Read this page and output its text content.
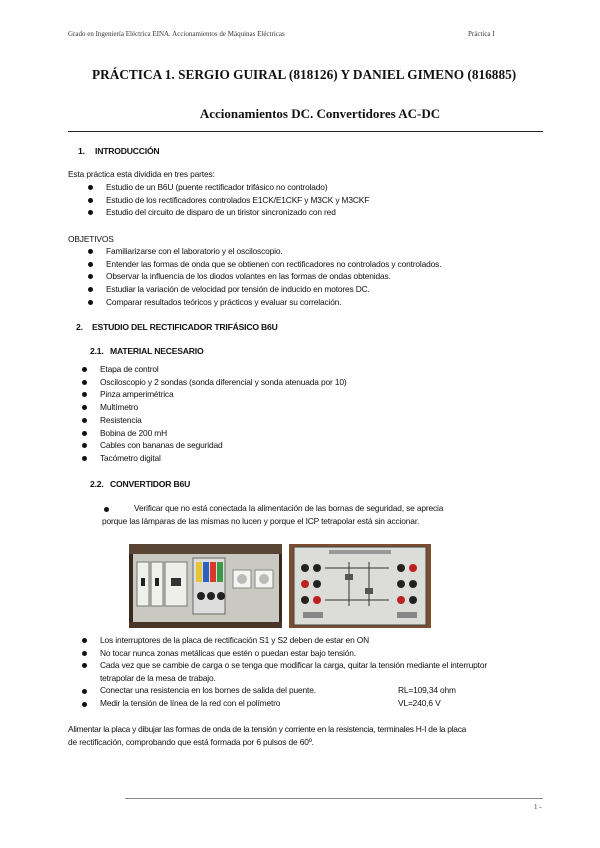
Grado en Ingeniería Eléctrica EINA. Accionamientos de Máquinas Eléctricas	Práctica I
PRÁCTICA 1. SERGIO GUIRAL (818126) Y DANIEL GIMENO (816885)
Accionamientos DC. Convertidores AC-DC
1. INTRODUCCIÓN
Esta práctica esta dividida en tres partes:
Estudio de un B6U (puente rectificador trifásico no controlado)
Estudio de los rectificadores controlados E1CK/E1CKF y M3CK y M3CKF
Estudio del circuito de disparo de un tiristor sincronizado con red
OBJETIVOS
Familiarizarse con el laboratorio y el osciloscopio.
Entender las formas de onda que se obtienen con rectificadores no controlados y controlados.
Observar la influencia de los diodos volantes en las formas de ondas obtenidas.
Estudiar la variación de velocidad por tensión de inducido en motores DC.
Comparar resultados teóricos y prácticos y evaluar su correlación.
2. ESTUDIO DEL RECTIFICADOR TRIFÁSICO B6U
2.1. MATERIAL NECESARIO
Etapa de control
Osciloscopio y 2 sondas (sonda diferencial y sonda atenuada por 10)
Pinza amperimétrica
Multímetro
Resistencia
Bobina de 200 mH
Cables con bananas de seguridad
Tacómetro digital
2.2. CONVERTIDOR B6U
Verificar que no está conectada la alimentación de las bornas de seguridad, se aprecia
porque las lámparas de las mismas no lucen y porque el ICP tetrapolar está sin accionar.
Los interruptores de la placa de rectificación S1 y S2 deben de estar en ON
No tocar nunca zonas metálicas que estén o puedan estar bajo tensión.
Cada vez que se cambie de carga o se tenga que modificar la carga, quitar la tensión mediante el interruptor
tetrapolar de la mesa de trabajo.
Conectar una resistencia en los bornes de salida del puente.	RL=109,34 ohm
Medir la tensión de línea de la red con el polímetro	VL=240,6 V
Alimentar la placa y dibujar las formas de onda de la tensión y corriente en la resistencia, terminales H-I de la placa
de rectificación, comprobando que está formada por 6 pulsos de 60º.
1 -
